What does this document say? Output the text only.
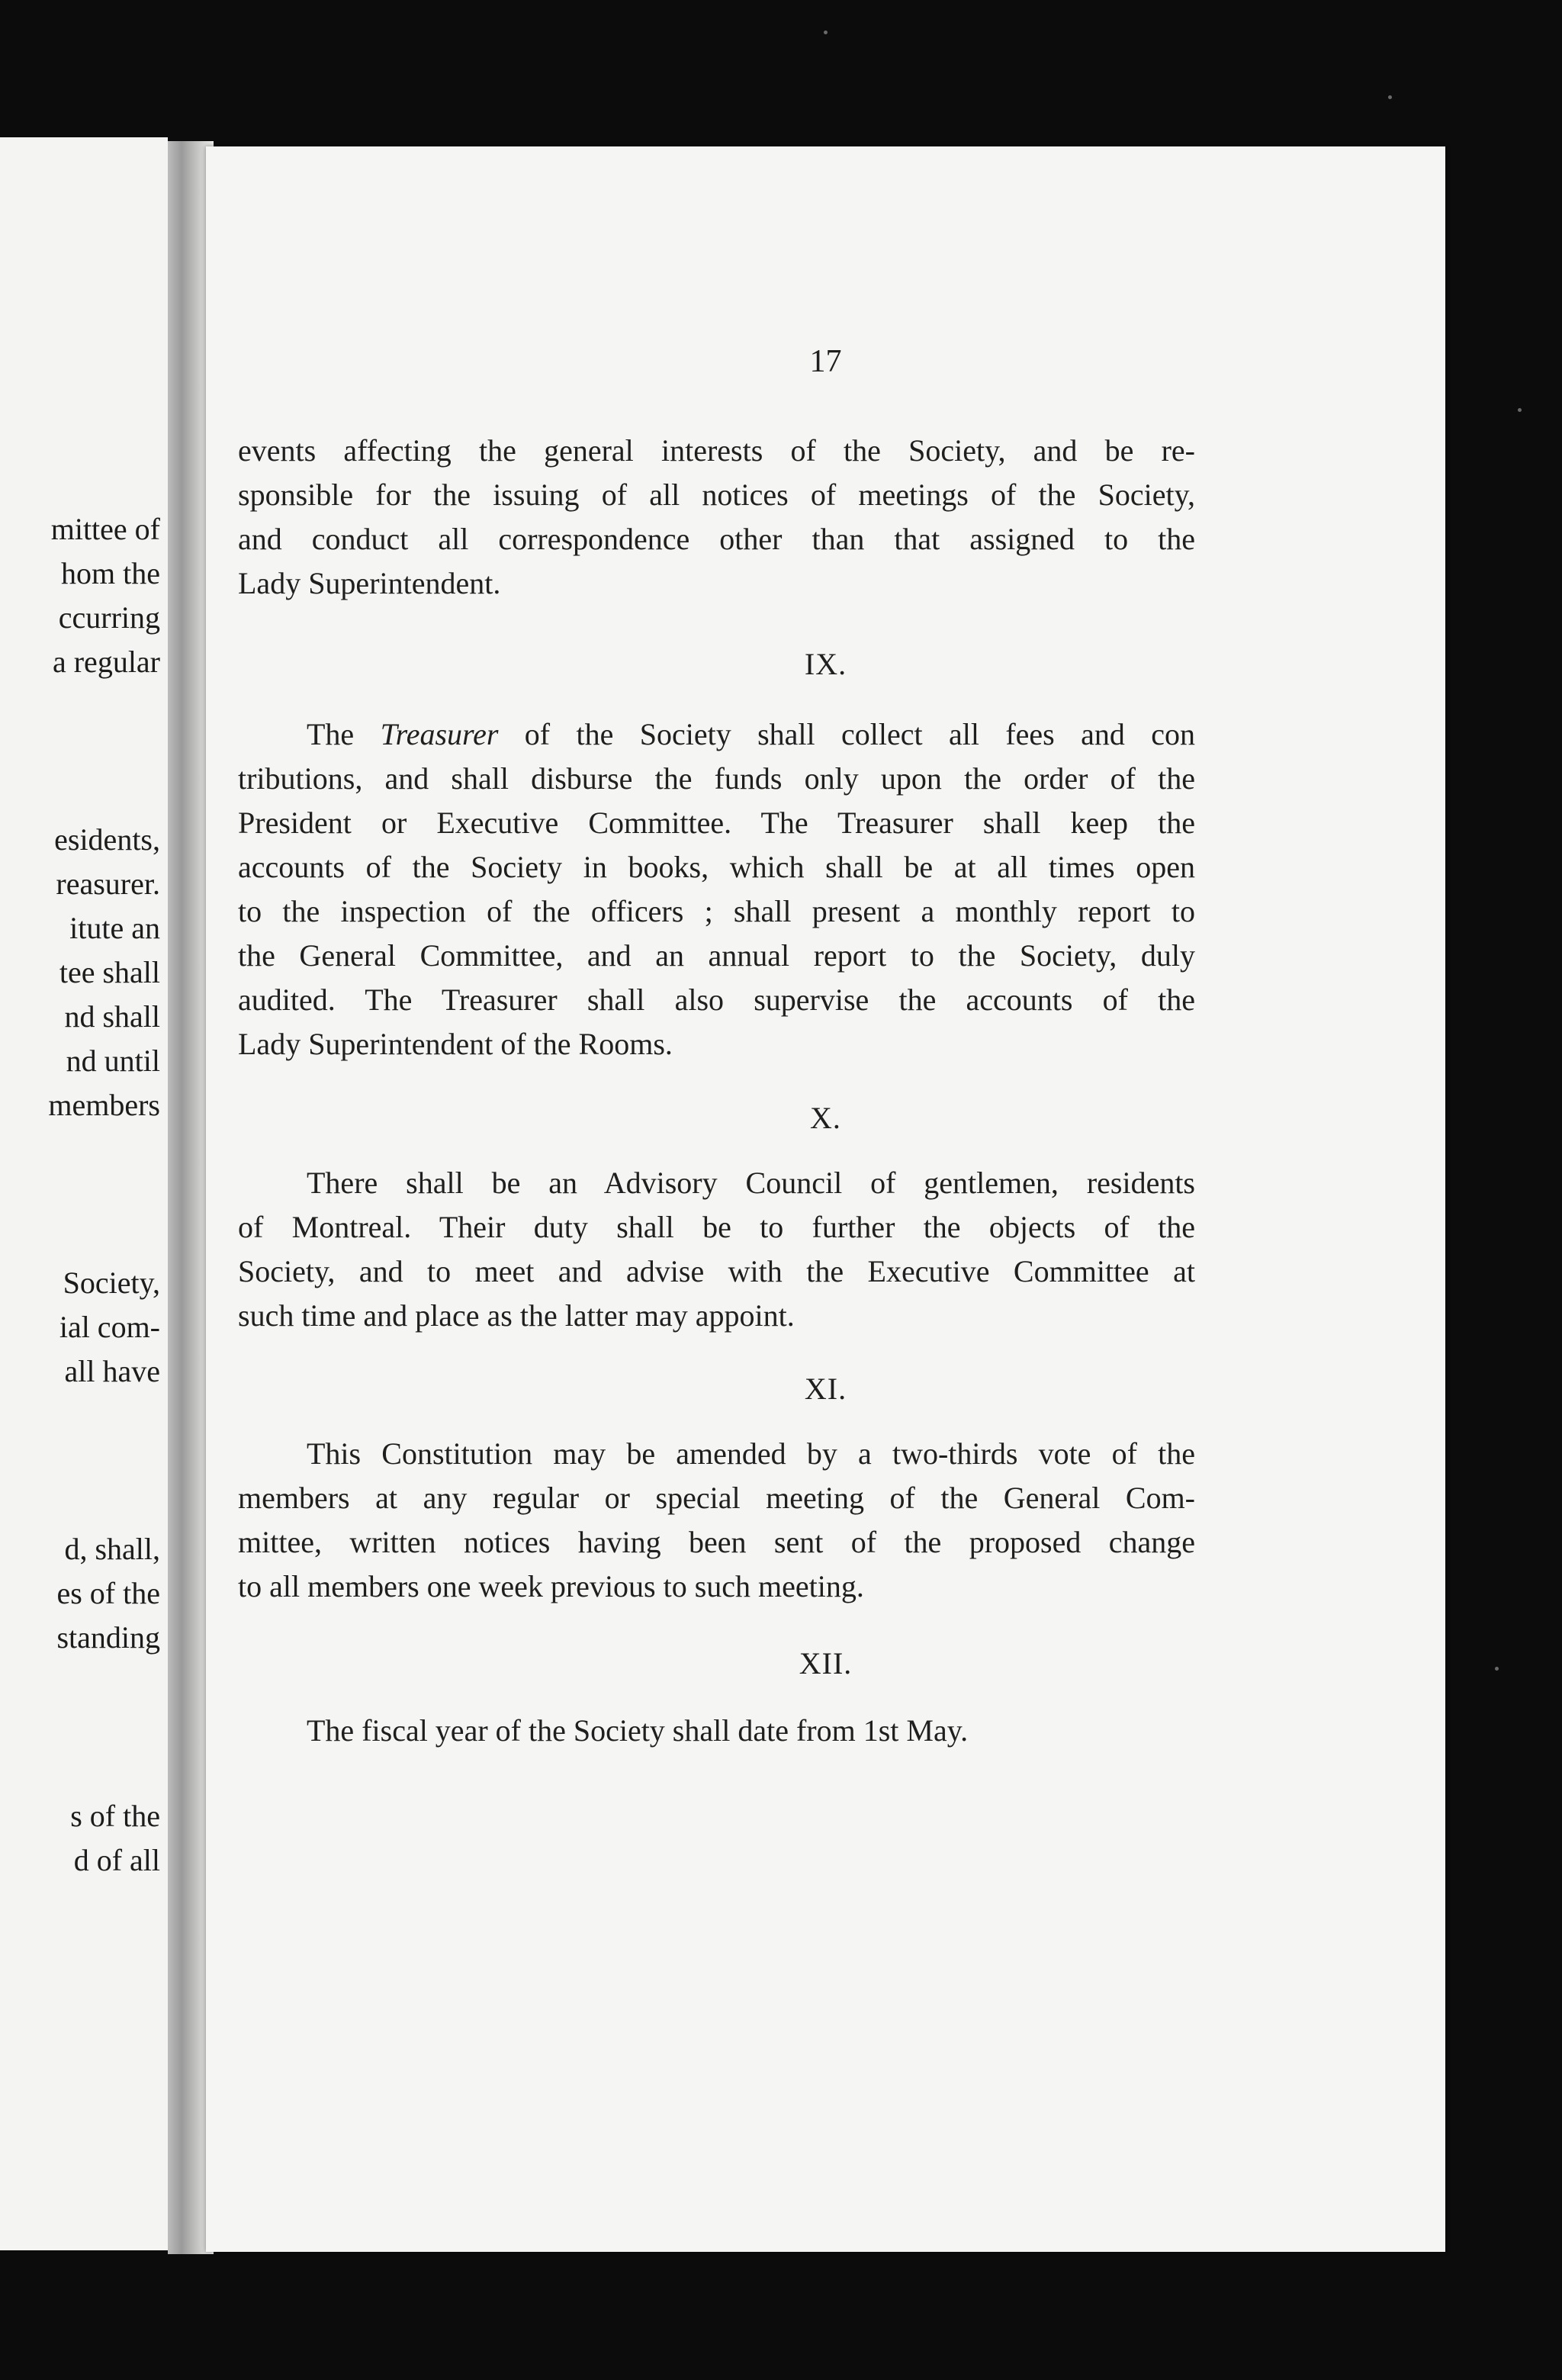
mittee of
hom the
ccurring
a regular
esidents,
reasurer.
itute an
tee shall
nd shall
nd until
members
Society,
ial com-
all have
d, shall,
es of the
standing
s of the
d of all
17
events affecting the general interests of the Society, and be re-
sponsible for the issuing of all notices of meetings of the Society,
and conduct all correspondence other than that assigned to the
Lady Superintendent.
IX.
The Treasurer of the Society shall collect all fees and con
tributions, and shall disburse the funds only upon the order of the
President or Executive Committee. The Treasurer shall keep the
accounts of the Society in books, which shall be at all times open
to the inspection of the officers ; shall present a monthly report to
the General Committee, and an annual report to the Society, duly
audited. The Treasurer shall also supervise the accounts of the
Lady Superintendent of the Rooms.
X.
There shall be an Advisory Council of gentlemen, residents
of Montreal. Their duty shall be to further the objects of the
Society, and to meet and advise with the Executive Committee at
such time and place as the latter may appoint.
XI.
This Constitution may be amended by a two-thirds vote of the
members at any regular or special meeting of the General Com-
mittee, written notices having been sent of the proposed change
to all members one week previous to such meeting.
XII.
The fiscal year of the Society shall date from 1st May.
